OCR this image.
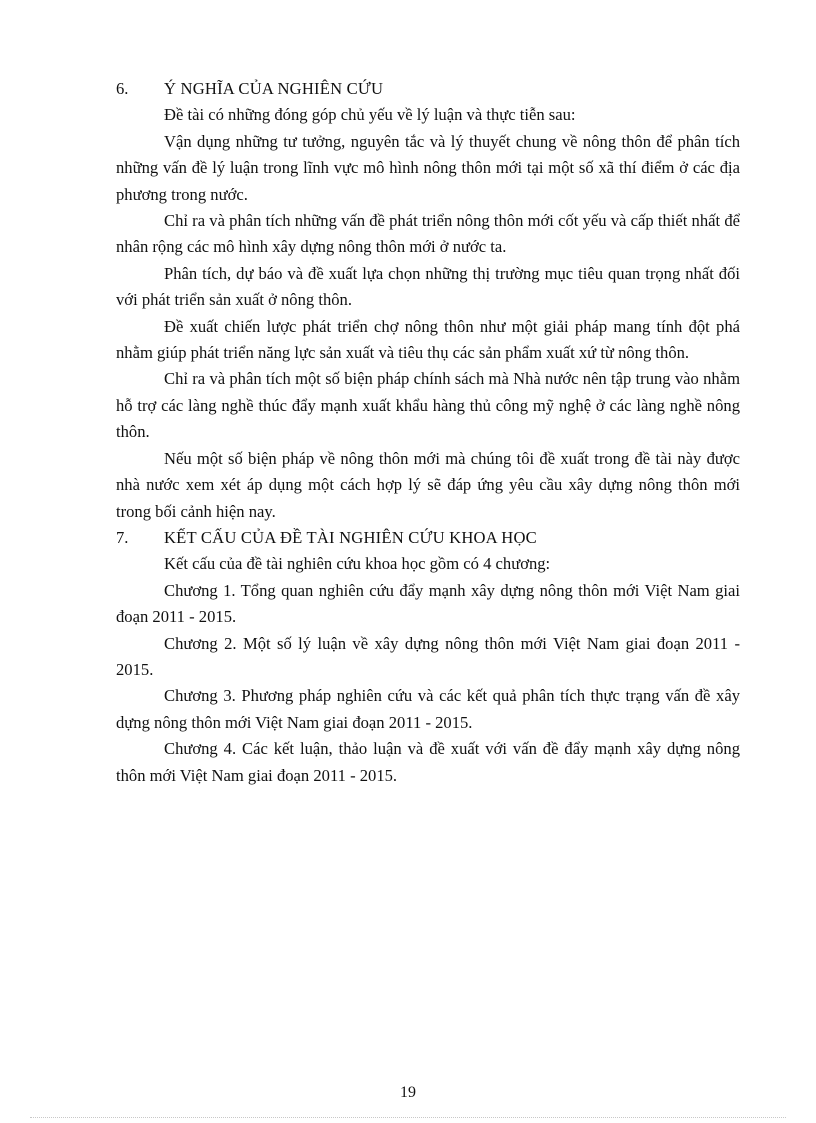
6.	Ý NGHĨA CỦA NGHIÊN CỨU

Đề tài có những đóng góp chủ yếu về lý luận và thực tiễn sau:

Vận dụng những tư tưởng, nguyên tắc và lý thuyết chung về nông thôn để phân tích những vấn đề lý luận trong lĩnh vực mô hình nông thôn mới tại một số xã thí điểm ở các địa phương trong nước.

Chỉ ra và phân tích những vấn đề phát triển nông thôn mới cốt yếu và cấp thiết nhất để nhân rộng các mô hình xây dựng nông thôn mới ở nước ta.

Phân tích, dự báo và đề xuất lựa chọn những thị trường mục tiêu quan trọng nhất đối với phát triển sản xuất ở nông thôn.

Đề xuất chiến lược phát triển chợ nông thôn như một giải pháp mang tính đột phá nhằm giúp phát triển năng lực sản xuất và tiêu thụ các sản phẩm xuất xứ từ nông thôn.

Chỉ ra và phân tích một số biện pháp chính sách mà Nhà nước nên tập trung vào nhằm hỗ trợ các làng nghề thúc đẩy mạnh xuất khẩu hàng thủ công mỹ nghệ ở các làng nghề nông thôn.

Nếu một số biện pháp về nông thôn mới mà chúng tôi đề xuất trong đề tài này được nhà nước xem xét áp dụng một cách hợp lý sẽ đáp ứng yêu cầu xây dựng nông thôn mới trong bối cảnh hiện nay.

7.	KẾT CẤU CỦA ĐỀ TÀI NGHIÊN CỨU KHOA HỌC

Kết cấu của đề tài nghiên cứu khoa học gồm có 4 chương:

Chương 1. Tổng quan nghiên cứu đẩy mạnh xây dựng nông thôn mới Việt Nam giai đoạn 2011 - 2015.

Chương 2. Một số lý luận về xây dựng nông thôn mới Việt Nam giai đoạn 2011 - 2015.

Chương 3. Phương pháp nghiên cứu và các kết quả phân tích thực trạng vấn đề xây dựng nông thôn mới Việt Nam giai đoạn 2011 - 2015.

Chương 4. Các kết luận, thảo luận và đề xuất với vấn đề đẩy mạnh xây dựng nông thôn mới Việt Nam giai đoạn 2011 - 2015.

19
